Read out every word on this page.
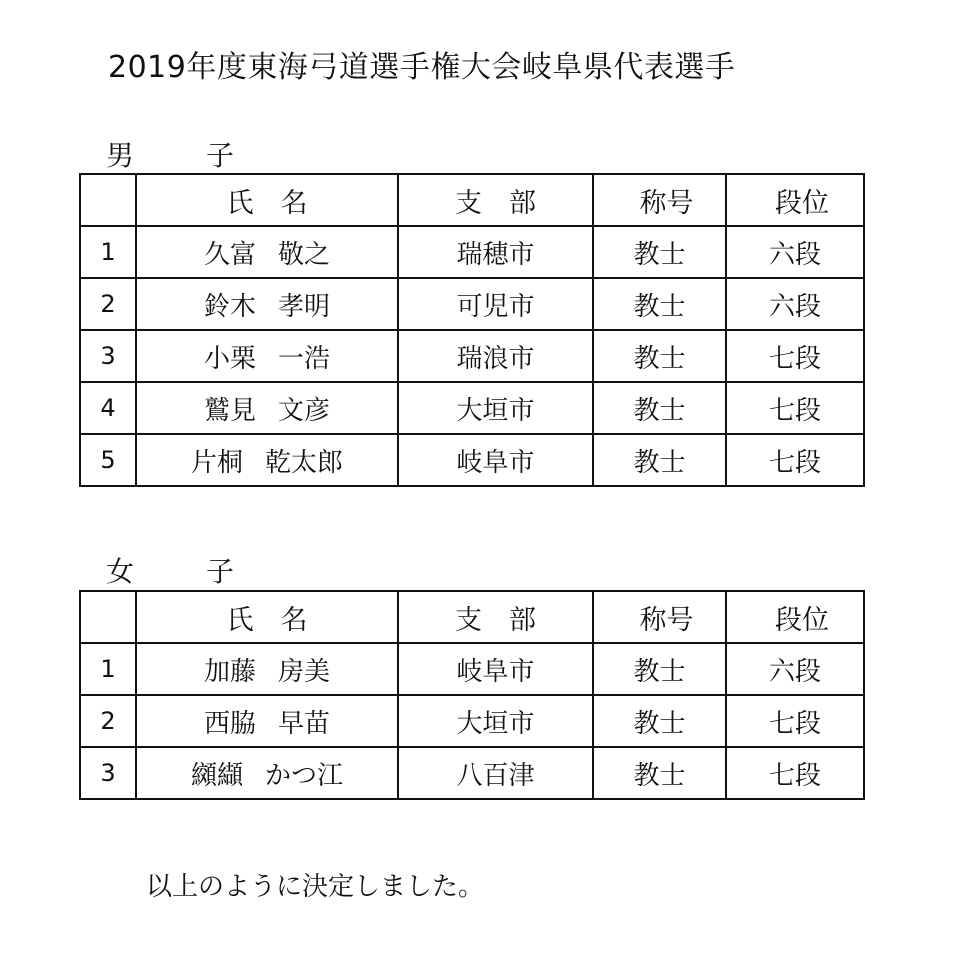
2019年度東海弓道選手権大会岐阜県代表選手
男	子
	氏　名	支　部	称号	段位
1	久富 敬之	瑞穂市	教士	六段
2	鈴木 孝明	可児市	教士	六段
3	小栗 一浩	瑞浪市	教士	七段
4	鷲見 文彦	大垣市	教士	七段
5	片桐 乾太郎	岐阜市	教士	七段
女	子
	氏　名	支　部	称号	段位
1	加藤 房美	岐阜市	教士	六段
2	西脇 早苗	大垣市	教士	七段
3	纐纈 かつ江	八百津	教士	七段
以上のように決定しました。
